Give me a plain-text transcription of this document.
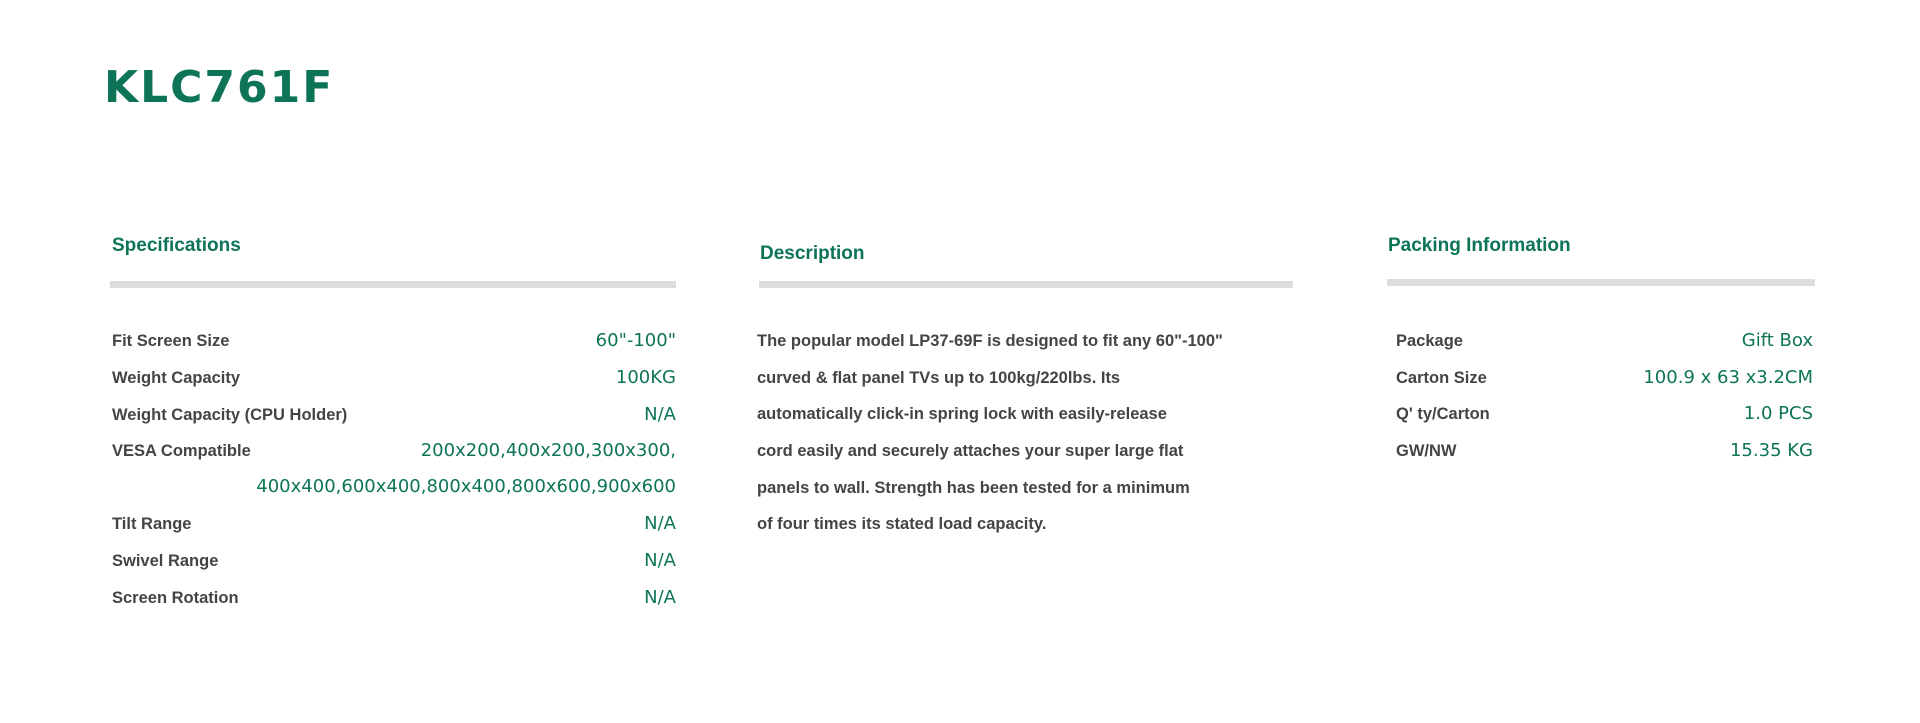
KLC761F
Specifications
Fit Screen Size	60"-100"
Weight Capacity	100KG
Weight Capacity (CPU Holder)	N/A
VESA Compatible	200x200,400x200,300x300,
400x400,600x400,800x400,800x600,900x600
Tilt Range	N/A
Swivel Range	N/A
Screen Rotation	N/A
Description
The popular model LP37-69F is designed to fit any 60"-100"
curved & flat panel TVs up to 100kg/220lbs. Its
automatically click-in spring lock with easily-release
cord easily and securely attaches your super large flat
panels to wall. Strength has been tested for a minimum
of four times its stated load capacity.
Packing Information
Package	Gift Box
Carton Size	100.9 x 63 x3.2CM
Q' ty/Carton	1.0 PCS
GW/NW	15.35 KG
